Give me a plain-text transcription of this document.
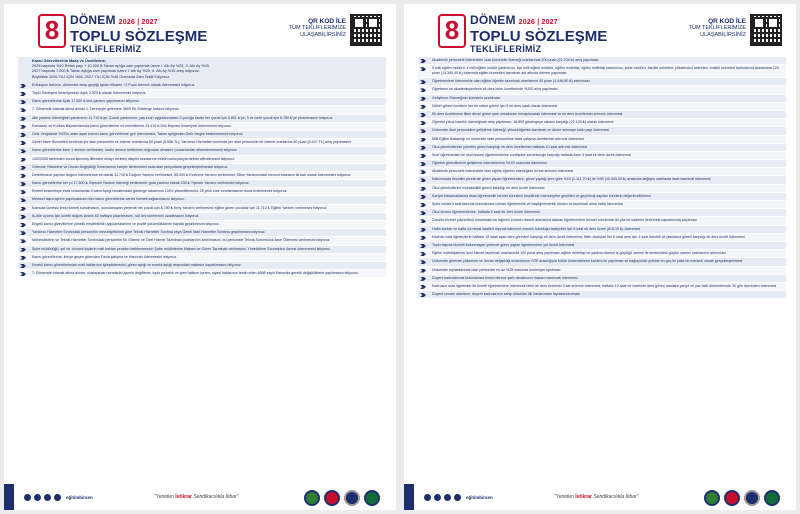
8 DÖNEM 2026 | 2027
TOPLU SÖZLEŞME
TEKLİFLERİMİZ
QR KOD İLE
TÜM TEKLİFLERİMİZE
ULAŞABİLİRSİNİZ
Kamu Görevlilerinin Maaş ve Ücretlerine;
2026 başında %10 Refah payı + 10.000 ₺ Taban aylığa zam yapılmak üzere I. Altı Ay %25, II. Altı Ay %20,
2027 başında 7.500 ₺ Taban aylığa zam yapılmak üzere I. Altı Ay %20, II. Altı Ay %15 artış istiyoruz.
Böylelikle 2026 YILI İÇİN %66, 2027 YILI İÇİN %46 Oranında Zam Teklif Ediyoruz.
Enflasyon farkının, dönemsel artışı geçtiği aydan itibaren +2 Puan artırımlı olarak ödenmesini istiyoruz.
Toplu Sözleşme İkramiyesinin Aylık 2.925 ₺ olarak ödenmesini istiyoruz.
Kamu görevlilerine Aylık 17.000 ₺ kira yardımı yapılmasını istiyoruz.
7. Dönemde tutanak altına alınan 1. Dereceyle gelenlere 3600 Ek Gösterge hakkını istiyoruz.
Aile yardımı ödeneğinin yardımının 11.710 ₺'ye; Çocuk yardımının, yaş sınırı uygulanmadan 2 çocuğa kadar her çocuk için 5.851 ₺'ye, 3 ve üzeri çocuk için 8.780 ₺'ye çıkarılmasını istiyoruz.
Ramazan ve Kurban Bayramlarında kamu görevlilerine ve emeklilerine 23.410 ₺ Dini Bayram İkramiyesi ödenmesini istiyoruz.
Gelir Vergisinde %15'in oranı aşan kısmın kamu görevlilerine geri ödenmesini, Taban aylığından Gelir Vergisi kesilmemesini istiyoruz.
Genel İdare Hizmetleri sınıfında yer alan personelin ek ödeme oranlarına 50 puan (5.558 TL); Yardımcı Hizmetleri sınıfında yer alan personelin ek ödeme oranlarına 40 puan (4.447 TL) artış yapılmasını
Kamu görevlilerine ilave 1 derece verilmesini, kadro derece terfilerinin doğrudan olmasını (unvanlardan düzenlenmesini) istiyoruz.
14/2/2005 tarihinden sonra işlenmiş fiillerden dolayı verilmiş disiplin cezalarının bütün sonuçlarıyla birlikte affedilmesini istiyoruz.
Görevde Yükselme ve Ünvan Değişikliği Sınavlarının kariyer ilerlemesini esas alan periyotlarla gerçekleştirilmesini istiyoruz.
Devletimizce yapılan doğum ödemelerine ek olarak 11.710 ₺ Doğum Yardımı verilmesini; 55.000 ₺ Evlenme Yardımı verilmesini; Ölüm Yardımındaki mevcut tutarların iki katı olarak ödenmesini istiyoruz.
Kamu görevlilerine her yıl 17.500 ₺ Giyecek Yardımı ödeneği verilmesini; gıda yardımı olarak 235 ₺ Yiyecek Yardımı verilmesini istiyoruz.
Emekli kesenekiye esas unsurlardan Kıdem Aylığı hesabındaki gösterge rakamının 100'e yükseltilmesini, 25 yıllık süre sınırlamasının sona erdirilmesini istiyoruz.
Merkezi taşra ayrımı yapılmaksızın tüm kamu görevlilerine servis hizmeti sağlanmasını istiyoruz.
Kamuda ücretsiz kreş hizmeti sunulmasını, sunulamayan yerlerde her çocuk için 8.780 ₺ Kreş Yardımı verilmesini; eğitim gören çocuklar için 11.710 ₺ Eğitim Yardımı verilmesini istiyoruz.
İş-Aile uyumu için ücretli doğum izninin 60 haftaya çıkarılmasını, süt izni sürelerinin uzatılmasını istiyoruz.
Engelli kamu görevlilerine yönelik erişilebilirlik uygulamalarının ve pozitif yükümlülüklerin hayata geçirilmesini istiyoruz.
Yardımcı Hizmetler Sınıfındaki personelin mezuniyetlerine göre Teknik Hizmetler Sınıfına veya Genel İdari Hizmetler Sınıfına geçirilmesini istiyoruz.
Mühendislerin ve Teknik Hizmetler Sınıfındaki personelin Ek Ödeme ve Özel Hizmet Tazminatı puanlarının artırılmasını, bu personele Teknik Sorumluluk İlave Ödemesi verilmesini istiyoruz.
Şube müdürlüğü, şef vb. ünvanlı kişilerin mali hakları yeniden belirlenmesini; Şube müdürlerine Makam ve Görev Tazminatı verilmesini, Yöneticilere Sorumluluk İlavesi ödenmesini istiyoruz.
Kamu görevlilerine, ileriye geçen görevden Fazla çalışma ve Harcırah ödenmesini istiyoruz.
Emekli kamu görevlilerimizin mali haklarının iyileştirilmesini, görev aylığı ve emekli aylığı arasındaki makasın kapatılmasını istiyoruz.
7. Dönemde tutanak altına alınan; uluslararası normlarla uyumlu değilleme, toplu pazarlık ve grev hakkını içeren, siyasi haklarının temin eden 4688 sayılı Kanunda gerekli değişikliklerin yapılmasını istiyoruz.
eğitimbirsen	"Yeniden İstikrar Sendikacılıkla İtibar"
8 DÖNEM 2026 | 2027
TOPLU SÖZLEŞME
TEKLİFLERİMİZ
QR KOD İLE
TÜM TEKLİFLERİMİZE
ULAŞABİLİRSİNİZ
Akademik personele ödenmekte olan üniversite ödeneği oranlarında 200 puan (22.234 ₺) artış yapılması
İl milli eğitim müdürü, il milli eğitim müdür yardımcısı, ilçe milli eğitim müdürü, eğitim müfettişi, eğitim müfettişi yardımcısı, şube müdürü, fakülte sekreteri, yüksekokul sekreteri, enstitü sekreteri kadrolarına atananlara 120 puan (13.340,40 ₺) tutarında eğitim hizmetleri tazminatı adı altında ödeme yapılması
Öğretmenlere ödenmekte olan eğitim-öğretim tazminatı oranlarının 40 puan (4.446,60 ₺) artırılması
Öğretmen ve akademisyenlerin ek ders birim ücretlerinde %100 artış yapılması
Geliştirme Ödeneğinin süresinin uzatılması
Nöbet görevi ücretinin her bir nöbet görevi için 5 ek ders saati olarak ödenmesi
Ek ders ücretlerinin fiilen derse girme şartı olmaksızın hesaplanarak ödenmesi ve ek ders ücretlerinin artırımlı ödenmesi
Öğretim yılına hazırlık ödeneğinde artış yapılması; 18.890 göstergeye rakamı karşılığı (22.105 ₺) olarak ödenmesi
Üniversite idari personeline geliştirme ödeneği, yükseköğretim tazminatı ve döner sermaye katkı payı ödenmesi
Milli Eğitim Bakanlığı ve üniversite idari personeline fazla çalışma ücretlerinin artırımlı ödenmesi
Okul yöneticilerinin yönetim görevi karşılığı ek ders ücretlerinin haftada 10 saat artırımlı ödenmesi
Sınıf öğretmenleri ile okul öncesi öğretmenlerine sınıf/şube sorumluluğu karşılığı haftada ilave 3 saat ek ders ücreti ödenmesi
Öğretim görevlilerinin geliştirme ödeneklerinin %100 oranında ödenmesi
Akademik personele ödenmekte olan eğitim öğretim ödeneğinin iki kat artırımlı ödenmesi
Kalkınmada öncelikli yörelerde görev yapan öğretmenlere, görev yaptığı yere göre %10 (1.111,70 ₺) ile %90 (10.005,30 ₺) arasında değişen oranlarda ilave tazminat ödenmesi
Okul yöneticilerine muhakkiklik görevi karşılığı ek ders ücreti ödenmesi
Kariyer basamaklarına esas öğretmenlik hizmet süresinin tespitinde memuriyette geçirilen ve geçirilmiş sayılan sürelerin değerlendirilmesi
Şube müdürü kadrolarında bulunanlara uzman öğretmenlik ve başöğretmenlik ünvanı ve tazminatı alma hakkı tanınması
Okul öncesi öğretmenlerine, haftada 5 saat ek ders ücreti ödenmesi
Zorunlu hizmet yükümlüsü olmamalarına rağmen zorunlu hizmet alanlarına atanan öğretmenlere hizmet sürelerinin iki yıla bir kademe ilerlemesi kapsamında sayılması
Hafta sonları ve hafta içi mesai saatleri dışında katılımın zorunlu tutulduğu faaliyetler için 5 saat ek ders ücreti (819,10 ₺) ödenmesi
Kadrolu usta öğreticilerin haftalık 15 saati aşan ders görevleri karşılığı ek ders ücreti ödenmesi; fiilen okutulan her 6 saat ders için 1 saat hazırlık ve planlama görevi karşılığı ek ders ücreti ödenmesi
Toplu taşıma hizmeti bulunmayan yerlerde görev yapan öğretmenlere yol ücreti ödenmesi
Eğitim müfettişlerinin özel hizmet tazminatı oranlarında 100 puna artış yapılması; eğitim müfettişi ve yardımcılarının iş güçlüğü zammı ile teminindeki güçlük zammı oranlarının artırılması
Üniversite görevde yükselme ve ünvan değişikliği sınavlarının YÖK aracılığıyla bütün üniversitelerin katılımı ile yapılması ve bağlayıcılık yetkide en geç iki yılda bir merkezi olarak gerçekleştirilmesi
Üniversite lojmanlarında idari personele en az %25 oranında kontenjan ayrılması
Doçent kadrolarında bulunanlara birinci derece şartı olmaksızın makam tazminatı ödenmesi
Kadrosuz usta öğreticiler ile ücretli öğretmenlere ödenecek birim ek ders ücretinin 3 kat artırımlı ödenmesi; haftalık 12 saat ve üzerinde ders görevi alanlara yarıyıl ve yaz tatili dönemlerinde 30 gün üzerinden ödenmesi
Doçent unvanı alanların, doçent kadrolarının sahip oldukları fiili haklarından faydalandırılması
eğitimbirsen	"Yeniden İstikrar Sendikacılıkla İtibar"
